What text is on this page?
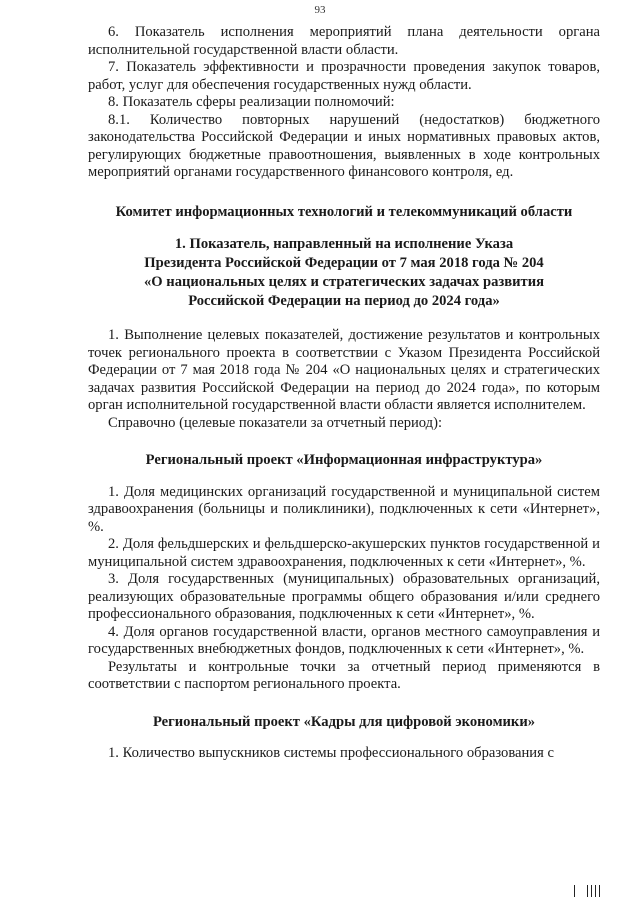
93

6. Показатель исполнения мероприятий плана деятельности органа исполнительной государственной власти области.

7. Показатель эффективности и прозрачности проведения закупок товаров, работ, услуг для обеспечения государственных нужд области.

8. Показатель сферы реализации полномочий:

8.1. Количество повторных нарушений (недостатков) бюджетного законодательства Российской Федерации и иных нормативных правовых актов, регулирующих бюджетные правоотношения, выявленных в ходе контрольных мероприятий органами государственного финансового контроля, ед.

Комитет информационных технологий и телекоммуникаций области

1. Показатель, направленный на исполнение Указа

Президента Российской Федерации от 7 мая 2018 года № 204

«О национальных целях и стратегических задачах развития

Российской Федерации на период до 2024 года»

1. Выполнение целевых показателей, достижение результатов и контрольных точек регионального проекта в соответствии с Указом Президента Российской Федерации от 7 мая 2018 года № 204 «О национальных целях и стратегических задачах развития Российской Федерации на период до 2024 года», по которым орган исполнительной государственной власти области является исполнителем.

Справочно (целевые показатели за отчетный период):

Региональный проект «Информационная инфраструктура»

1. Доля медицинских организаций государственной и муниципальной систем здравоохранения (больницы и поликлиники), подключенных к сети «Интернет», %.

2. Доля фельдшерских и фельдшерско-акушерских пунктов государственной и муниципальной систем здравоохранения, подключенных к сети «Интернет», %.

3. Доля государственных (муниципальных) образовательных организаций, реализующих образовательные программы общего образования и/или среднего профессионального образования, подключенных к сети «Интернет», %.

4. Доля органов государственной власти, органов местного самоуправления и государственных внебюджетных фондов, подключенных к сети «Интернет», %.

Результаты и контрольные точки за отчетный период применяются в соответствии с паспортом регионального проекта.

Региональный проект «Кадры для цифровой экономики»

1. Количество выпускников системы профессионального образования с
